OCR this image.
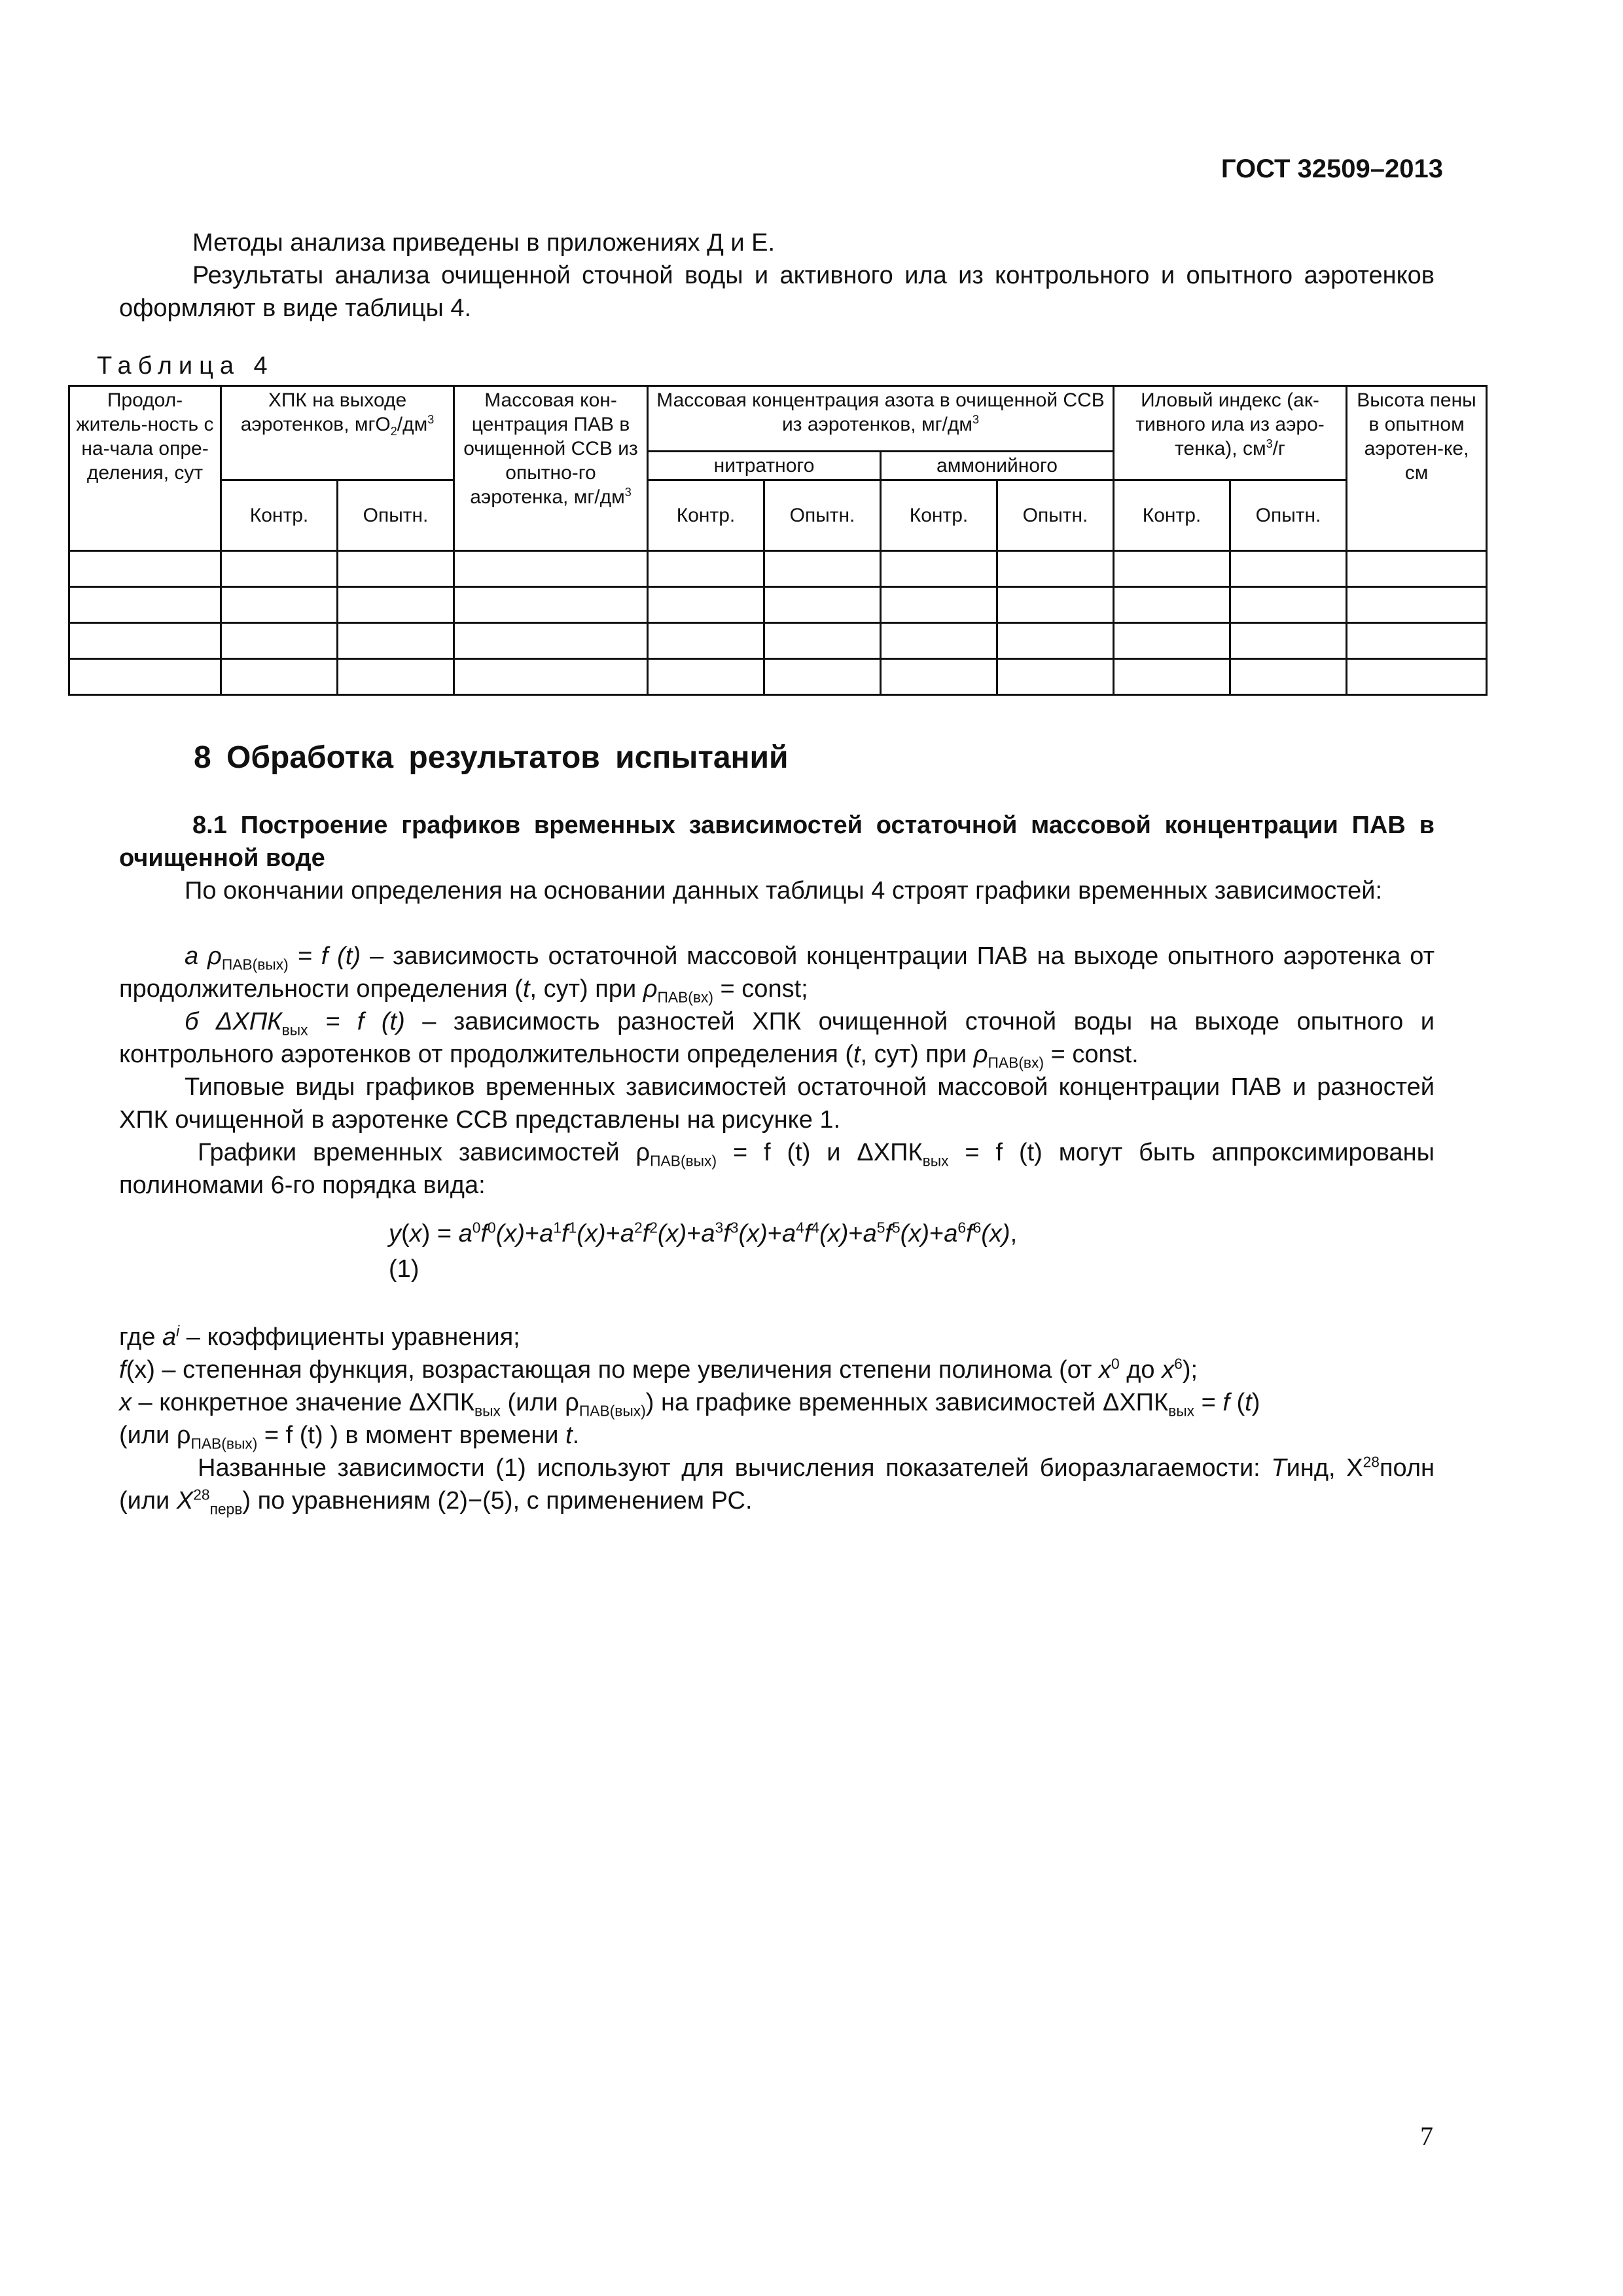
ГОСТ 32509–2013
Методы анализа приведены в приложениях Д и Е.
Результаты анализа очищенной сточной воды и активного ила из контрольного и опытного аэротенков оформляют в виде таблицы 4.
Таблица 4
Продол-житель-ность с на-чала опре-деления, сут	ХПК на выходе аэротенков, $мгО_2/дм^3$		Массовая кон-центрация ПАВ в очищенной ССВ из опытно-го аэротенка, $мг/дм^3$	Массовая концентрация азота в очищенной ССВ из аэротенков, $мг/дм^3$				Иловый индекс (ак-тивного ила из аэро-тенка), $см^3/г$		Высота пены в опытном аэротен-ке, см
				нитратного		аммонийного				
	Контр.	Опытн.		Контр.	Опытн.	Контр.	Опытн.	Контр.	Опытн.	

8 Обработка результатов испытаний
8.1 Построение графиков временных зависимостей остаточной массовой концентрации ПАВ в очищенной воде
По окончании определения на основании данных таблицы 4 строят графики временных зависимостей:
а $\rho_{ПАВ(вых)} = f$ (t) – зависимость остаточной массовой концентрации ПАВ на выходе опытного аэротенка от продолжительности определения (t, сут) при $\rho_{ПАВ(вх)}$ = const;
б $\Delta ХПК_{вых} = f$ (t) – зависимость разностей ХПК очищенной сточной воды на выходе опытного и контрольного аэротенков от продолжительности определения (t, сут) при $\rho_{ПАВ(вх)}$ = const.
Типовые виды графиков временных зависимостей остаточной массовой концентрации ПАВ и разностей ХПК очищенной в аэротенке ССВ представлены на рисунке 1.
Графики временных зависимостей $\rho_{ПАВ(вых)} = f$ (t) и $\Delta ХПК_{вых} = f$ (t) могут быть аппроксимированы полиномами 6-го порядка вида:
$y(x) = a^0f^0(x)+a^1f^1(x)+a^2f^2(x)+a^3f^3(x)+a^4f^4(x)+a^5f^5(x)+a^6f^6(x)$,
(1)
где $a^i$ – коэффициенты уравнения;
f(x) – степенная функция, возрастающая по мере увеличения степени полинома (от $x^0$ до $x^6$);
x – конкретное значение $\Delta ХПК_{вых}$ (или $\rho_{ПАВ(вых)}$) на графике временных зависимостей $\Delta ХПК_{вых} = f$ (t)
(или $\rho_{ПАВ(вых)} = f$ (t) ) в момент времени t.
Названные зависимости (1) используют для вычисления показателей биоразлагаемости: Tинд, $X^{28}полн$ (или $X^{28}_{перв}$) по уравнениям (2)−(5), с применением РС.
7
